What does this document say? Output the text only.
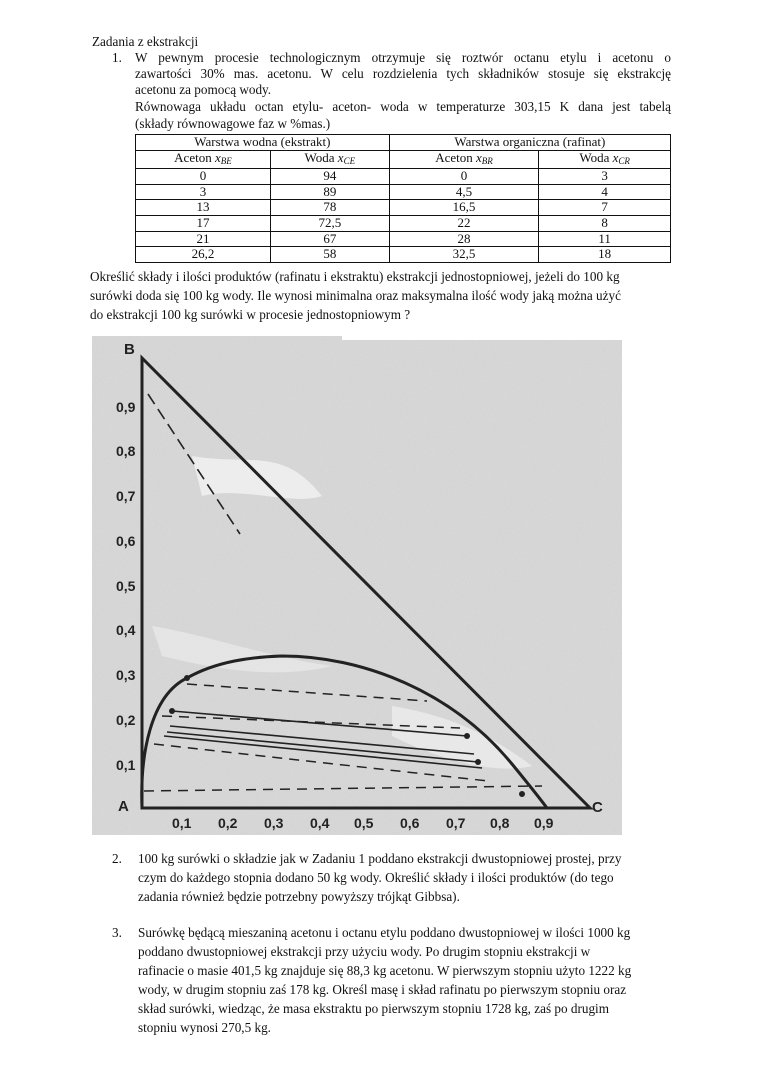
Zadania z ekstrakcji
1. W pewnym procesie technologicznym otrzymuje się roztwór octanu etylu i acetonu o
zawartości 30% mas. acetonu. W celu rozdzielenia tych składników stosuje się ekstrakcję
acetonu za pomocą wody.
Równowaga układu octan etylu- aceton- woda w temperaturze 303,15 K dana jest tabelą
(składy równowagowe faz w %mas.)
Warstwa wodna (ekstrakt)		Warstwa organiczna (rafinat)	
Aceton $x_{BE}$	Woda $x_{CE}$	Aceton $x_{BR}$	Woda $x_{CR}$
0	94	0	3
3	89	4,5	4
13	78	16,5	7
17	72,5	22	8
21	67	28	11
26,2	58	32,5	18
Określić składy i ilości produktów (rafinatu i ekstraktu) ekstrakcji jednostopniowej, jeżeli do 100 kg
surówki doda się 100 kg wody. Ile wynosi minimalna oraz maksymalna ilość wody jaką można użyć
do ekstrakcji 100 kg surówki w procesie jednostopniowym ?
B
A	C
0,9
0,8
0,7
0,6
0,5
0,4
0,3
0,2
0,1
0,1 0,2 0,3 0,4 0,5 0,6 0,7 0,8 0,9
2. 100 kg surówki o składzie jak w Zadaniu 1 poddano ekstrakcji dwustopniowej prostej, przy
czym do każdego stopnia dodano 50 kg wody. Określić składy i ilości produktów (do tego
zadania również będzie potrzebny powyższy trójkąt Gibbsa).
3. Surówkę będącą mieszaniną acetonu i octanu etylu poddano dwustopniowej w ilości 1000 kg
poddano dwustopniowej ekstrakcji przy użyciu wody. Po drugim stopniu ekstrakcji w
rafinacie o masie 401,5 kg znajduje się 88,3 kg acetonu. W pierwszym stopniu użyto 1222 kg
wody, w drugim stopniu zaś 178 kg. Określ masę i skład rafinatu po pierwszym stopniu oraz
skład surówki, wiedząc, że masa ekstraktu po pierwszym stopniu 1728 kg, zaś po drugim
stopniu wynosi 270,5 kg.
